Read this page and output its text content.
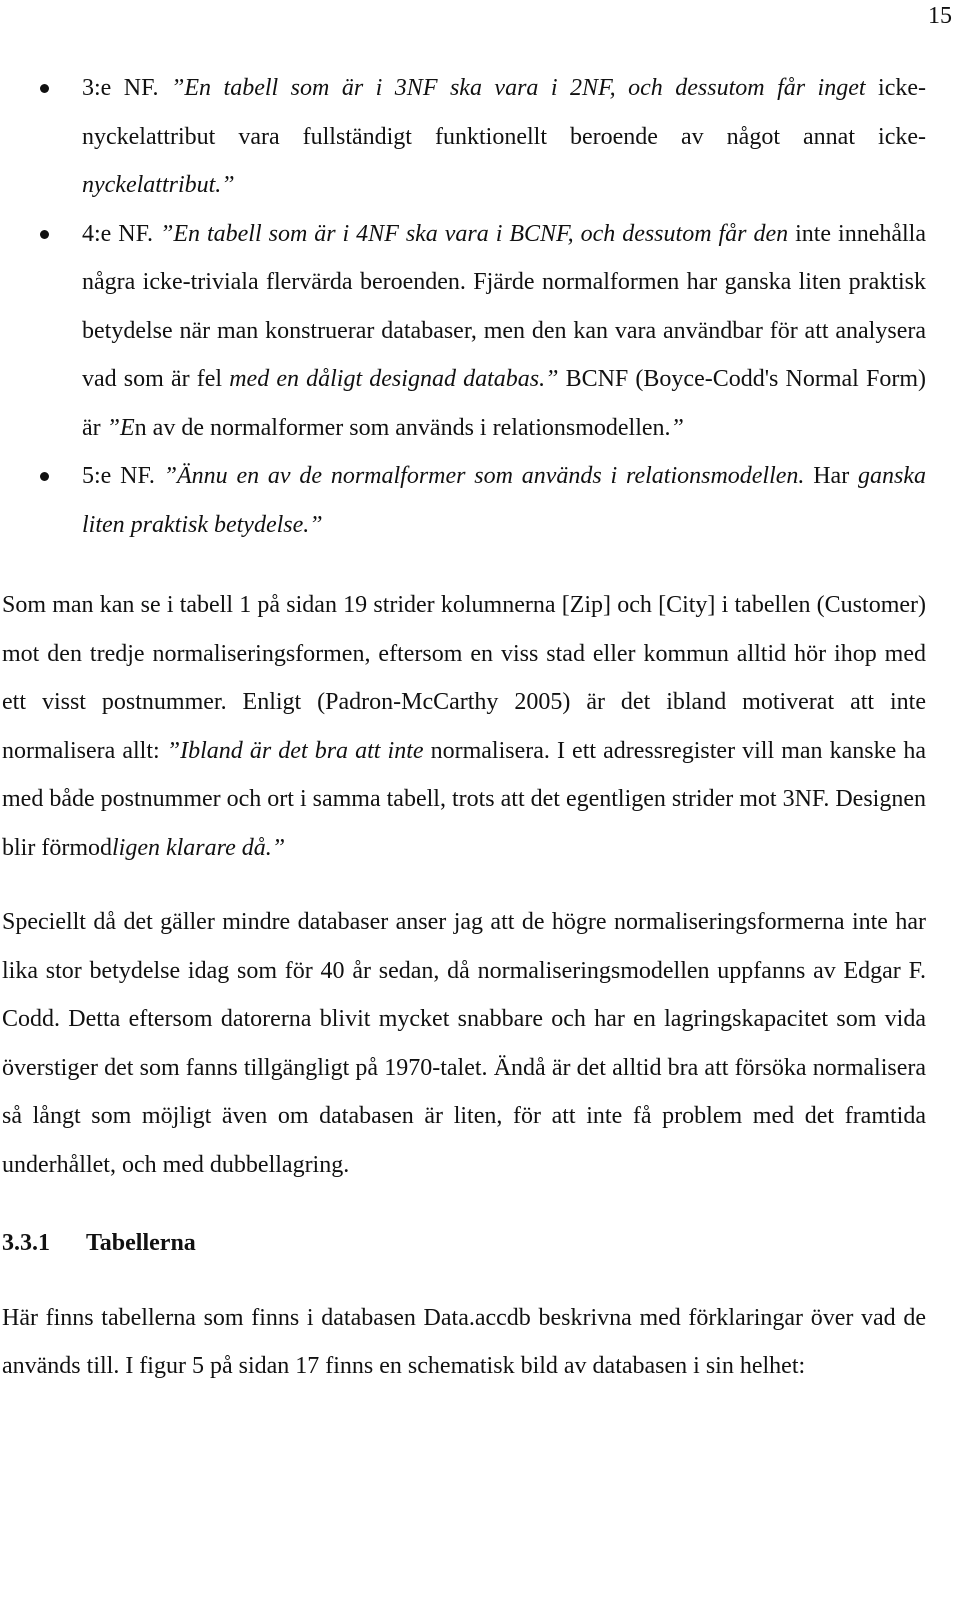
15
3:e NF. ”En tabell som är i 3NF ska vara i 2NF, och dessutom får inget icke-nyckelattribut vara fullständigt funktionellt beroende av något annat icke-nyckelattribut.”
4:e NF. ”En tabell som är i 4NF ska vara i BCNF, och dessutom får den inte innehålla några icke-triviala flervärda beroenden. Fjärde normalformen har ganska liten praktisk betydelse när man konstruerar databaser, men den kan vara användbar för att analysera vad som är fel med en dåligt designad databas.” BCNF (Boyce-Codd's Normal Form) är ”En av de normalformer som används i relationsmodellen.”
5:e NF. ”Ännu en av de normalformer som används i relationsmodellen. Har ganska liten praktisk betydelse.”

Som man kan se i tabell 1 på sidan 19 strider kolumnerna [Zip] och [City] i tabellen (Customer) mot den tredje normaliseringsformen, eftersom en viss stad eller kommun alltid hör ihop med ett visst postnummer. Enligt (Padron-McCarthy 2005) är det ibland motiverat att inte normalisera allt: ”Ibland är det bra att inte normalisera. I ett adressregister vill man kanske ha med både postnummer och ort i samma tabell, trots att det egentligen strider mot 3NF. Designen blir förmodligen klarare då.”

Speciellt då det gäller mindre databaser anser jag att de högre normaliseringsformerna inte har lika stor betydelse idag som för 40 år sedan, då normaliseringsmodellen uppfanns av Edgar F. Codd. Detta eftersom datorerna blivit mycket snabbare och har en lagringskapacitet som vida överstiger det som fanns tillgängligt på 1970-talet. Ändå är det alltid bra att försöka normalisera så långt som möjligt även om databasen är liten, för att inte få problem med det framtida underhållet, och med dubbellagring.

3.3.1	Tabellerna

Här finns tabellerna som finns i databasen Data.accdb beskrivna med förklaringar över vad de används till. I figur 5 på sidan 17 finns en schematisk bild av databasen i sin helhet:
